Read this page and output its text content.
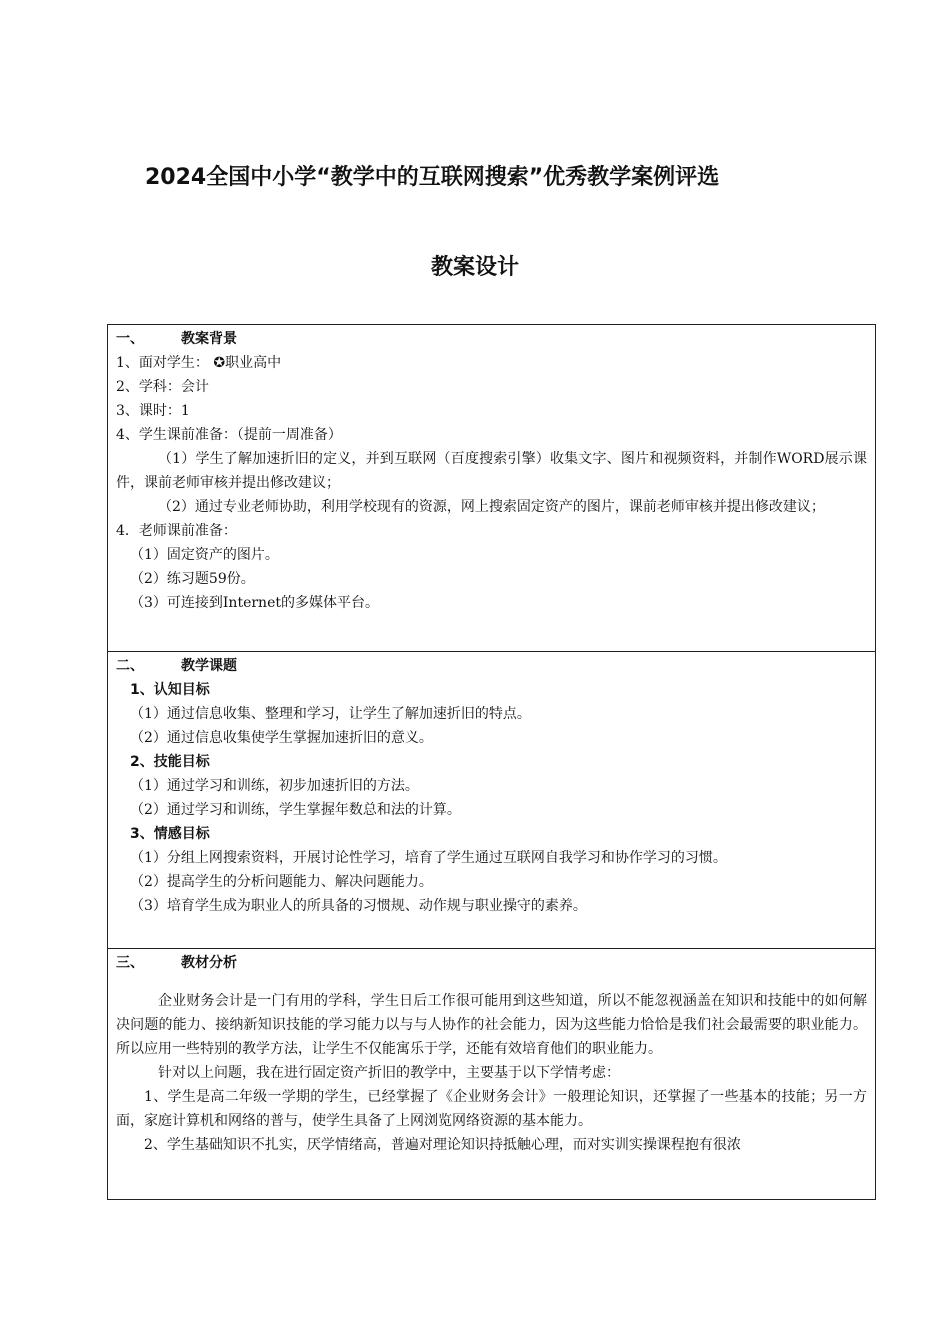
2024全国中小学“教学中的互联网搜索”优秀教学案例评选
教案设计
一、	教案背景
1、面对学生： ✪职业高中
2、学科：会计
3、课时：1
4、学生课前准备：（提前一周准备）
（1）学生了解加速折旧的定义，并到互联网（百度搜索引擎）收集文字、图片和视频资料，并制作WORD展示课件，课前老师审核并提出修改建议；
（2）通过专业老师协助，利用学校现有的资源，网上搜索固定资产的图片，课前老师审核并提出修改建议；
4．老师课前准备：
（1）固定资产的图片。
（2）练习题59份。
（3）可连接到Internet的多媒体平台。

二、	教学课题
1、认知目标
（1）通过信息收集、整理和学习，让学生了解加速折旧的特点。
（2）通过信息收集使学生掌握加速折旧的意义。
2、技能目标
（1）通过学习和训练，初步加速折旧的方法。
（2）通过学习和训练，学生掌握年数总和法的计算。
3、情感目标
（1）分组上网搜索资料，开展讨论性学习，培育了学生通过互联网自我学习和协作学习的习惯。
（2）提高学生的分析问题能力、解决问题能力。
（3）培育学生成为职业人的所具备的习惯规、动作规与职业操守的素养。

三、	教材分析
企业财务会计是一门有用的学科，学生日后工作很可能用到这些知道，所以不能忽视涵盖在知识和技能中的如何解决问题的能力、接纳新知识技能的学习能力以与与人协作的社会能力，因为这些能力恰恰是我们社会最需要的职业能力。所以应用一些特别的教学方法，让学生不仅能寓乐于学，还能有效培育他们的职业能力。
针对以上问题，我在进行固定资产折旧的教学中，主要基于以下学情考虑：
1、学生是高二年级一学期的学生，已经掌握了《企业财务会计》一般理论知识，还掌握了一些基本的技能；另一方面，家庭计算机和网络的普与，使学生具备了上网浏览网络资源的基本能力。
2、学生基础知识不扎实，厌学情绪高，普遍对理论知识持抵触心理，而对实训实操课程抱有很浓
